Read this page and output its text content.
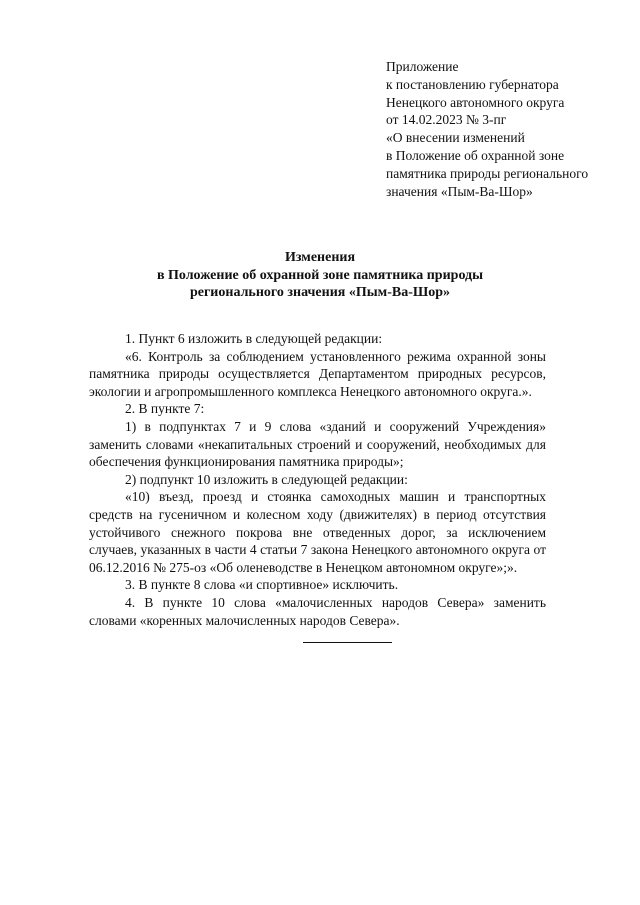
Приложение
к постановлению губернатора
Ненецкого автономного округа
от 14.02.2023 № 3-пг
«О внесении изменений
в Положение об охранной зоне
памятника природы регионального
значения «Пым-Ва-Шор»
Изменения
в Положение об охранной зоне памятника природы
регионального значения «Пым-Ва-Шор»

1. Пункт 6 изложить в следующей редакции:

«6. Контроль за соблюдением установленного режима охранной зоны памятника природы осуществляется Департаментом природных ресурсов, экологии и агропромышленного комплекса Ненецкого автономного округа.».

2. В пункте 7:

1) в подпунктах 7 и 9 слова «зданий и сооружений Учреждения» заменить словами «некапитальных строений и сооружений, необходимых для обеспечения функционирования памятника природы»;

2) подпункт 10 изложить в следующей редакции:

«10) въезд, проезд и стоянка самоходных машин и транспортных средств на гусеничном и колесном ходу (движителях) в период отсутствия устойчивого снежного покрова вне отведенных дорог, за исключением случаев, указанных в части 4 статьи 7 закона Ненецкого автономного округа от 06.12.2016 № 275-оз «Об оленеводстве в Ненецком автономном округе»;».

3. В пункте 8 слова «и спортивное» исключить.

4. В пункте 10 слова «малочисленных народов Севера» заменить словами «коренных малочисленных народов Севера».
